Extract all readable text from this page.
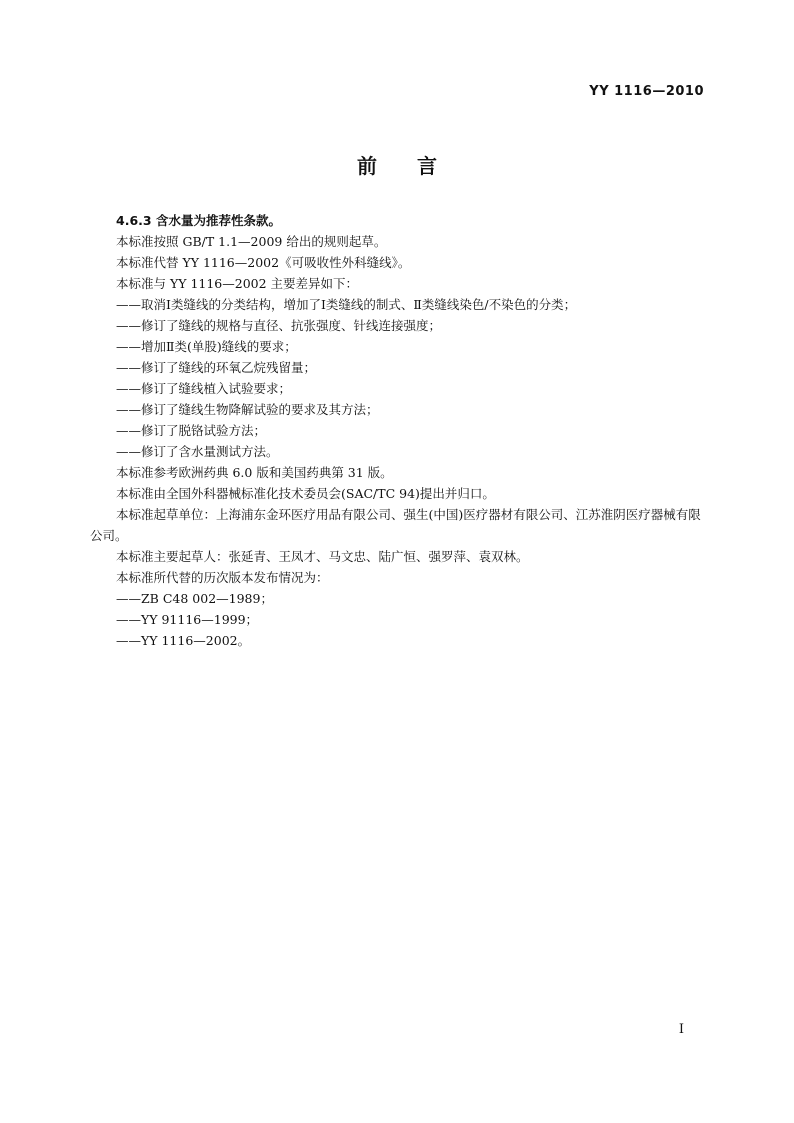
YY 1116—2010
前言

4.6.3 含水量为推荐性条款。

本标准按照 GB/T 1.1—2009 给出的规则起草。

本标准代替 YY 1116—2002《可吸收性外科缝线》。

本标准与 YY 1116—2002 主要差异如下：

——取消Ⅰ类缝线的分类结构，增加了Ⅰ类缝线的制式、Ⅱ类缝线染色/不染色的分类；

——修订了缝线的规格与直径、抗张强度、针线连接强度；

——增加Ⅱ类(单股)缝线的要求；

——修订了缝线的环氧乙烷残留量；

——修订了缝线植入试验要求；

——修订了缝线生物降解试验的要求及其方法；

——修订了脱铬试验方法；

——修订了含水量测试方法。

本标准参考欧洲药典 6.0 版和美国药典第 31 版。

本标准由全国外科器械标准化技术委员会(SAC/TC 94)提出并归口。

本标准起草单位：上海浦东金环医疗用品有限公司、强生(中国)医疗器材有限公司、江苏淮阴医疗器械有限公司。

本标准主要起草人：张延青、王凤才、马文忠、陆广恒、强罗萍、袁双林。

本标准所代替的历次版本发布情况为：

——ZB C48 002—1989；

——YY 91116—1999；

——YY 1116—2002。

I
